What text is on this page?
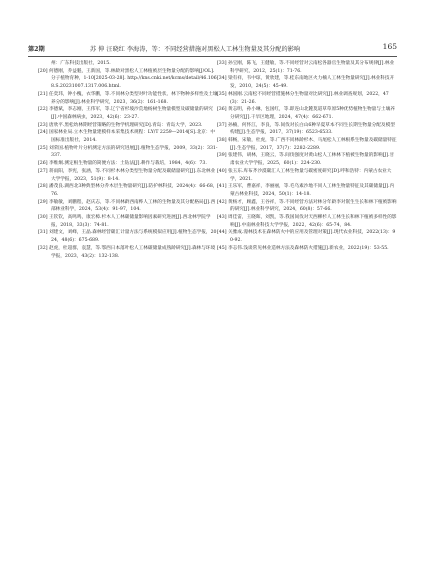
第2期	苏 伸 汪晓红 李海涛，等：不同经营措施对黑松人工林生物量及其分配的影响	165

州：广东科技出版社，2015.

[20] 何德刚，乔益魁，王新国，等.林龄对黑松人工林植被层生物量分配的影响[J/OL].分子植物育种，1-10[2025-03-28]. http://kns.cnki.net/kcms/detail/46.1068.S.20231007.1317.006.html.

[21] 任奕玮，钟小槐，衣华鹏，等.不同林分类型对叶功能性状、林下物种多样性及土壤养分的影响[J].林业科学研究，2023，36(2)：161-168.

[22] 李德斌，李志刚，王伟军，等.辽宁省杉坡沙荒地杨树生物量模型及碳储量的研究[J].中国森林病虫，2023，42(6)：23-27.

[23] 唐欣平.黑松幼林期经营策略的生物学机理研究[D].青岛：青岛大学，2023.

[24] 国家林业局.立木生物量建模样本采集技术规程：LY/T 2259—2014[S].北京：中国标准出版社，2014.

[25] 刘荣国.植物叶片分析测定方法的研究进展[J].植物生态学报，2009，33(2)：331-337.

[26] 李维炯.测定根生物量的简便方法：土钻法[J].耕作与栽培，1984，4(6)：73.

[27] 蒋雨阳，李宪，张涵，等.不同杉木林分类型生物量分配及碳储量研究[J].东北林业大学学报，2023，51(9)：8-14.

[28] 潘茂良.湖西北3种典型林分乔木层生物量研究[J].防护林科技，2024(4)：66-68，76.

[29] 李敏敏，刘鹏程，赵庆志，等.不同林龄西南桦人工林的生物量及其分配格局[J].西部林业科学，2024，53(4)：91-97，104.

[30] 王钦钦，高鸣鸣，康宏樟.杉木人工林碳储量影响因素研究进展[J].西北林学院学报，2018，33(3)：74-81.

[31] 刘建文，刘峰，王晶.森林经营碳汇计量方法与系统模拟应用[J].植物生态学报，2024，48(6)：675-689.

[32] 赵虎，杜超群，袁慧，等.鄂西日本落叶松人工林碳储量成熟龄研究[J].森林与环境学报，2023，43(2)：132-138.

[33] 孙宝刚，陈飞，王健敏，等.不同经营对云南松各器官生物量及其分布规律[J].林业科学研究，2012，25(1)：71-76.

[34] 梁有祥，韦中琼，黄欣建，等.桂东南地区火力楠人工林生物量研究[J].林业科技开发，2010，24(5)：45-49.

[35] 林国刚.云南松不同经营措施林分生物量对比研究[J].林业调查规划，2022，47(3)：21-26.

[36] 黄志明，孙小琳，包国红，等.即连山北麓莫道草草原5种优势植物生物量与土壤养分研究[J].干旱区地理，2024，47(4)：662-671.

[37] 孙楠，何怀江，李良，等.间伐对长白山6种早夏草本不同生长期生物量分配及模型构建[J].生态学报，2017，37(19)：6523-6533.

[38] 韩畅，宋敏，杜虎，等.广西不同林龄杉木、马尾松人工林根系生物量及碳储量特征[J].生态学报，2017，37(7)：2282-2289.

[39] 张建伟，胡林，王晓云，等.间伐强度对黄山松人工林林下植被生物量的影响[J].甘肃农业大学学报，2025，60(1)：224-230.

[40] 张玉东.库布齐沙漠碳汇人工林生物量与碳密度研究[D].呼和浩特：内蒙古农业大学，2021.

[41] 王乐军，曹嘉祥，李丽丽，等.毛乌素沙地不同人工林生物量特征及其碳储量[J].内蒙古林业科技，2024，50(1)：14-18.

[42] 黄杨才，顾鑫，王谷祥，等.不同经营方法对林分年龄李对嵌生生长和林下植被影响的研究[J].林业科学研究，2024，60(8)：57-66.

[43] 周佳雷，王晓晖，刘凯，等.我国间伐对天西柳杉人工林生长和林下植被多样性的影响[J].中南林业科技大学学报，2022，42(6)：65-74，84.

[44] 关雅成.漫林技术在森林防火中的应用及管理对策[J].现代农业科技，2022(13)：90-92.

[45] 李志伟.浅谈常见林业造林方法及森林防火措施[J].新农业，2022(19)：53-55.
